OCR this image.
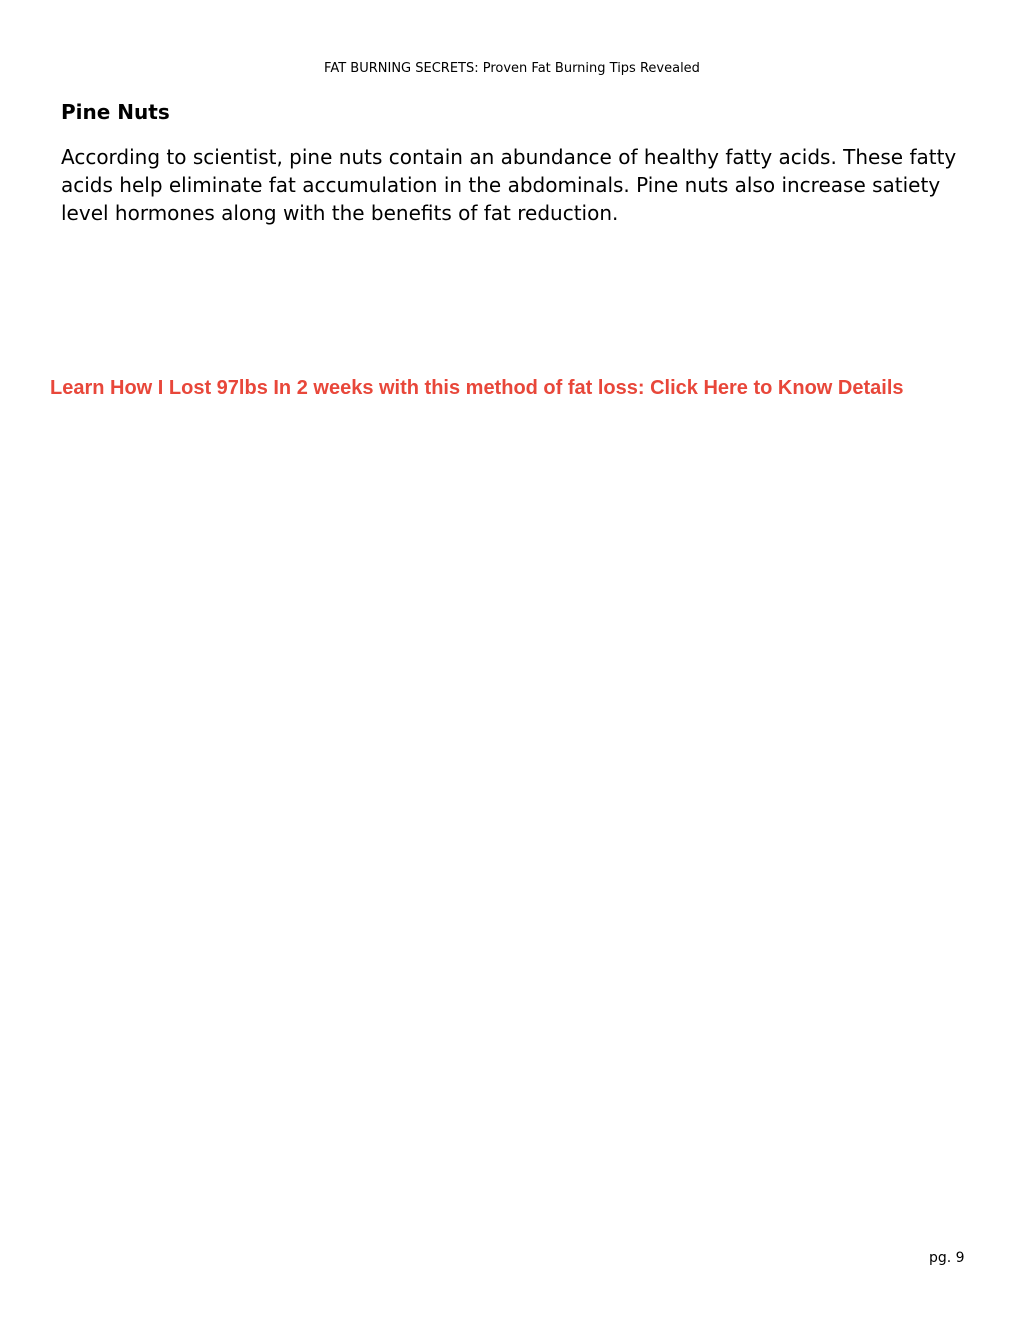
FAT BURNING SECRETS: Proven Fat Burning Tips Revealed
Pine Nuts

According to scientist, pine nuts contain an abundance of healthy fatty acids. These fatty acids help eliminate fat accumulation in the abdominals. Pine nuts also increase satiety level hormones along with the benefits of fat reduction.

Learn How I Lost 97lbs In 2 weeks with this method of fat loss: Click Here to Know Details
pg. 9
